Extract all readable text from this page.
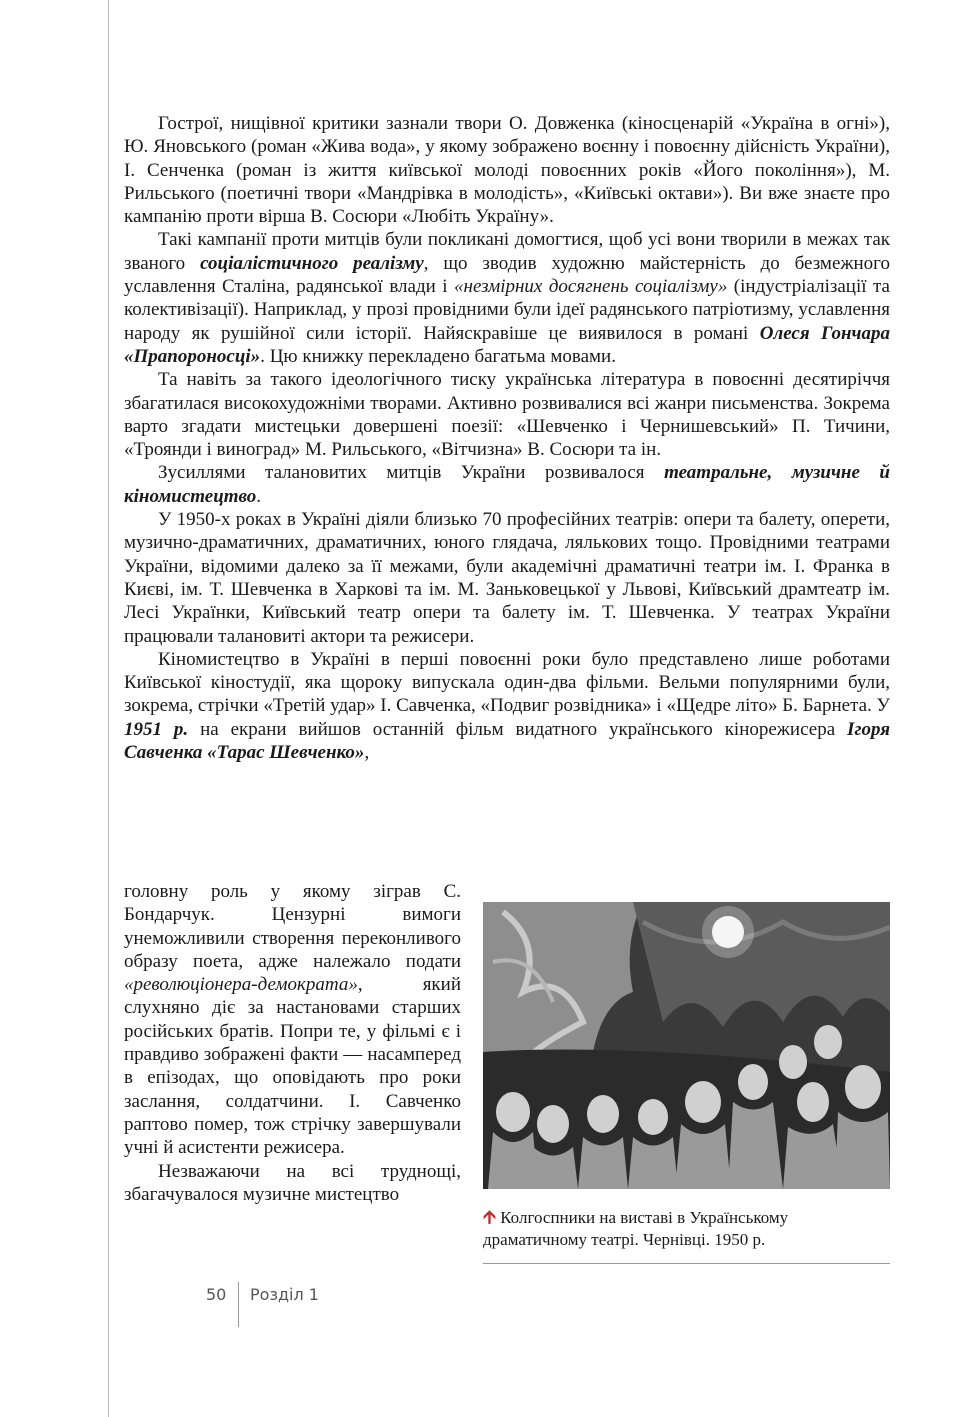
Гострої, нищівної критики зазнали твори О. Довженка (кіносценарій «Україна в огні»), Ю. Яновського (роман «Жива вода», у якому зображено воєнну і повоєнну дійсність України), І. Сенченка (роман із життя київської молоді повоєнних років «Його покоління»), М. Рильського (поетичні твори «Мандрівка в молодість», «Київські октави»). Ви вже знаєте про кампанію проти вірша В. Сосюри «Любіть Україну».

Такі кампанії проти митців були покликані домогтися, щоб усі вони творили в межах так званого соціалістичного реалізму, що зводив художню майстерність до безмежного уславлення Сталіна, радянської влади і «незмірних досягнень соціалізму» (індустріалізації та колективізації). Наприклад, у прозі провідними були ідеї радянського патріотизму, уславлення народу як рушійної сили історії. Найяскравіше це виявилося в романі Олеся Гончара «Прапороносці». Цю книжку перекладено багатьма мовами.

Та навіть за такого ідеологічного тиску українська література в повоєнні десятиріччя збагатилася високохудожніми творами. Активно розвивалися всі жанри письменства. Зокрема варто згадати мистецьки довершені поезії: «Шевченко і Чернишевський» П. Тичини, «Троянди і виноград» М. Рильського, «Вітчизна» В. Сосюри та ін.

Зусиллями талановитих митців України розвивалося театральне, музичне й кіномистецтво.

У 1950-х роках в Україні діяли близько 70 професійних театрів: опери та балету, оперети, музично-драматичних, драматичних, юного глядача, лялькових тощо. Провідними театрами України, відомими далеко за її межами, були академічні драматичні театри ім. І. Франка в Києві, ім. Т. Шевченка в Харкові та ім. М. Заньковецької у Львові, Київський драмтеатр ім. Лесі Українки, Київський театр опери та балету ім. Т. Шевченка. У театрах України працювали талановиті актори та режисери.

Кіномистецтво в Україні в перші повоєнні роки було представлено лише роботами Київської кіностудії, яка щороку випускала один-два фільми. Вельми популярними були, зокрема, стрічки «Третій удар» І. Савченка, «Подвиг розвідника» і «Щедре літо» Б. Барнета. У 1951 р. на екрани вийшов останній фільм видатного українського кінорежисера Ігоря Савченка «Тарас Шевченко»,

головну роль у якому зіграв С. Бондарчук. Цензурні вимоги унеможливили створення переконливого образу поета, адже належало подати «революціонера-демократа», який слухняно діє за настановами старших російських братів. Попри те, у фільмі є і правдиво зображені факти — насамперед в епізодах, що оповідають про роки заслання, солдатчини. І. Савченко раптово помер, тож стрічку завершували учні й асистенти режисера.

Незважаючи на всі труднощі, збагачувалося музичне мистецтво

🡩 Колгоспники на виставі в Українському драматичному театрі. Чернівці. 1950 р.
50 Розділ 1
